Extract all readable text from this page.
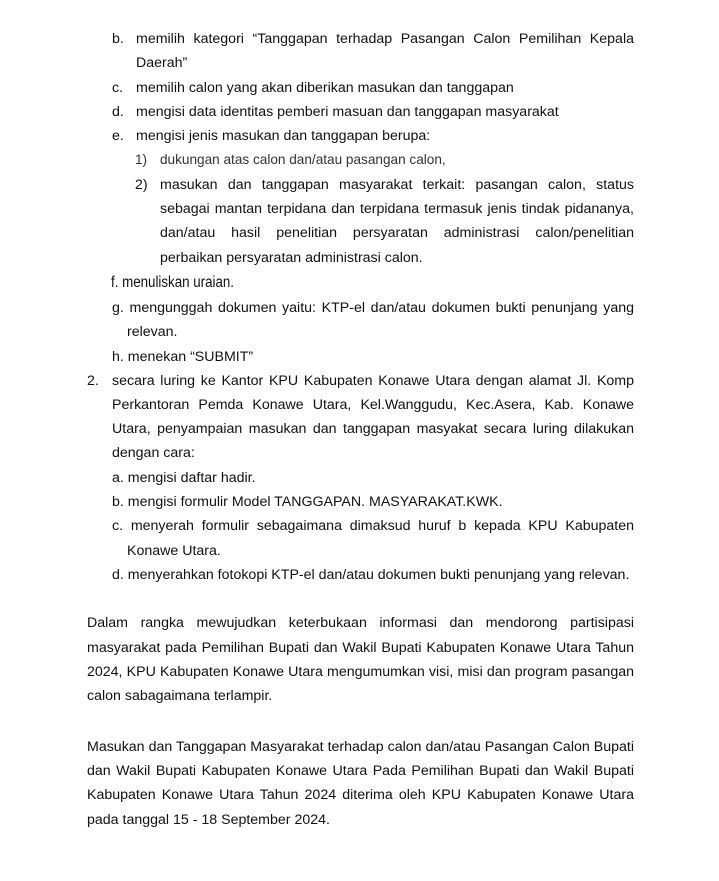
b. memilih kategori “Tanggapan terhadap Pasangan Calon Pemilihan Kepala
Daerah”
c. memilih calon yang akan diberikan masukan dan tanggapan
d. mengisi data identitas pemberi masuan dan tanggapan masyarakat
e. mengisi jenis masukan dan tanggapan berupa:
1) dukungan atas calon dan/atau pasangan calon,
2) masukan dan tanggapan masyarakat terkait: pasangan calon, status
sebagai mantan terpidana dan terpidana termasuk jenis tindak pidananya,
dan/atau hasil penelitian persyaratan administrasi calon/penelitian
perbaikan persyaratan administrasi calon.
f. menuliskan uraian.
g. mengunggah dokumen yaitu: KTP-el dan/atau dokumen bukti penunjang yang
relevan.
h. menekan “SUBMIT”
2. secara luring ke Kantor KPU Kabupaten Konawe Utara dengan alamat Jl. Komp
Perkantoran Pemda Konawe Utara, Kel.Wanggudu, Kec.Asera, Kab. Konawe
Utara, penyampaian masukan dan tanggapan masyakat secara luring dilakukan
dengan cara:
a. mengisi daftar hadir.
b. mengisi formulir Model TANGGAPAN. MASYARAKAT.KWK.
c. menyerah formulir sebagaimana dimaksud huruf b kepada KPU Kabupaten
Konawe Utara.
d. menyerahkan fotokopi KTP-el dan/atau dokumen bukti penunjang yang relevan.
Dalam rangka mewujudkan keterbukaan informasi dan mendorong partisipasi
masyarakat pada Pemilihan Bupati dan Wakil Bupati Kabupaten Konawe Utara Tahun
2024, KPU Kabupaten Konawe Utara mengumumkan visi, misi dan program pasangan
calon sabagaimana terlampir.
Masukan dan Tanggapan Masyarakat terhadap calon dan/atau Pasangan Calon Bupati
dan Wakil Bupati Kabupaten Konawe Utara Pada Pemilihan Bupati dan Wakil Bupati
Kabupaten Konawe Utara Tahun 2024 diterima oleh KPU Kabupaten Konawe Utara
pada tanggal 15 - 18 September 2024.
